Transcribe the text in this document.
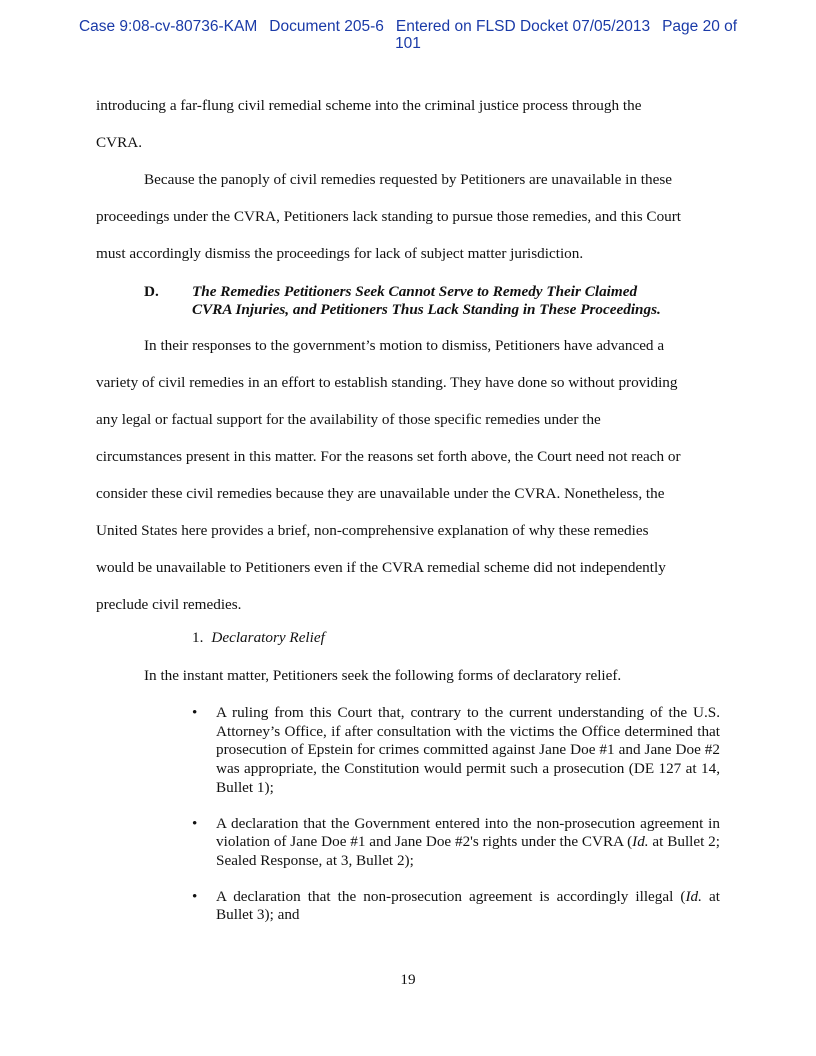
Case 9:08-cv-80736-KAM Document 205-6 Entered on FLSD Docket 07/05/2013 Page 20 of
101

introducing a far-flung civil remedial scheme into the criminal justice process through the

CVRA.

Because the panoply of civil remedies requested by Petitioners are unavailable in these

proceedings under the CVRA, Petitioners lack standing to pursue those remedies, and this Court

must accordingly dismiss the proceedings for lack of subject matter jurisdiction.

D. The Remedies Petitioners Seek Cannot Serve to Remedy Their Claimed
CVRA Injuries, and Petitioners Thus Lack Standing in These Proceedings.

In their responses to the government’s motion to dismiss, Petitioners have advanced a

variety of civil remedies in an effort to establish standing. They have done so without providing

any legal or factual support for the availability of those specific remedies under the

circumstances present in this matter. For the reasons set forth above, the Court need not reach or

consider these civil remedies because they are unavailable under the CVRA. Nonetheless, the

United States here provides a brief, non-comprehensive explanation of why these remedies

would be unavailable to Petitioners even if the CVRA remedial scheme did not independently

preclude civil remedies.

1. Declaratory Relief
In the instant matter, Petitioners seek the following forms of declaratory relief.
• A ruling from this Court that, contrary to the current understanding of the U.S. Attorney’s Office, if after consultation with the victims the Office determined that prosecution of Epstein for crimes committed against Jane Doe #1 and Jane Doe #2 was appropriate, the Constitution would permit such a prosecution (DE 127 at 14, Bullet 1);
• A declaration that the Government entered into the non-prosecution agreement in violation of Jane Doe #1 and Jane Doe #2's rights under the CVRA (Id. at Bullet 2; Sealed Response, at 3, Bullet 2);
• A declaration that the non-prosecution agreement is accordingly illegal (Id. at Bullet 3); and
19
